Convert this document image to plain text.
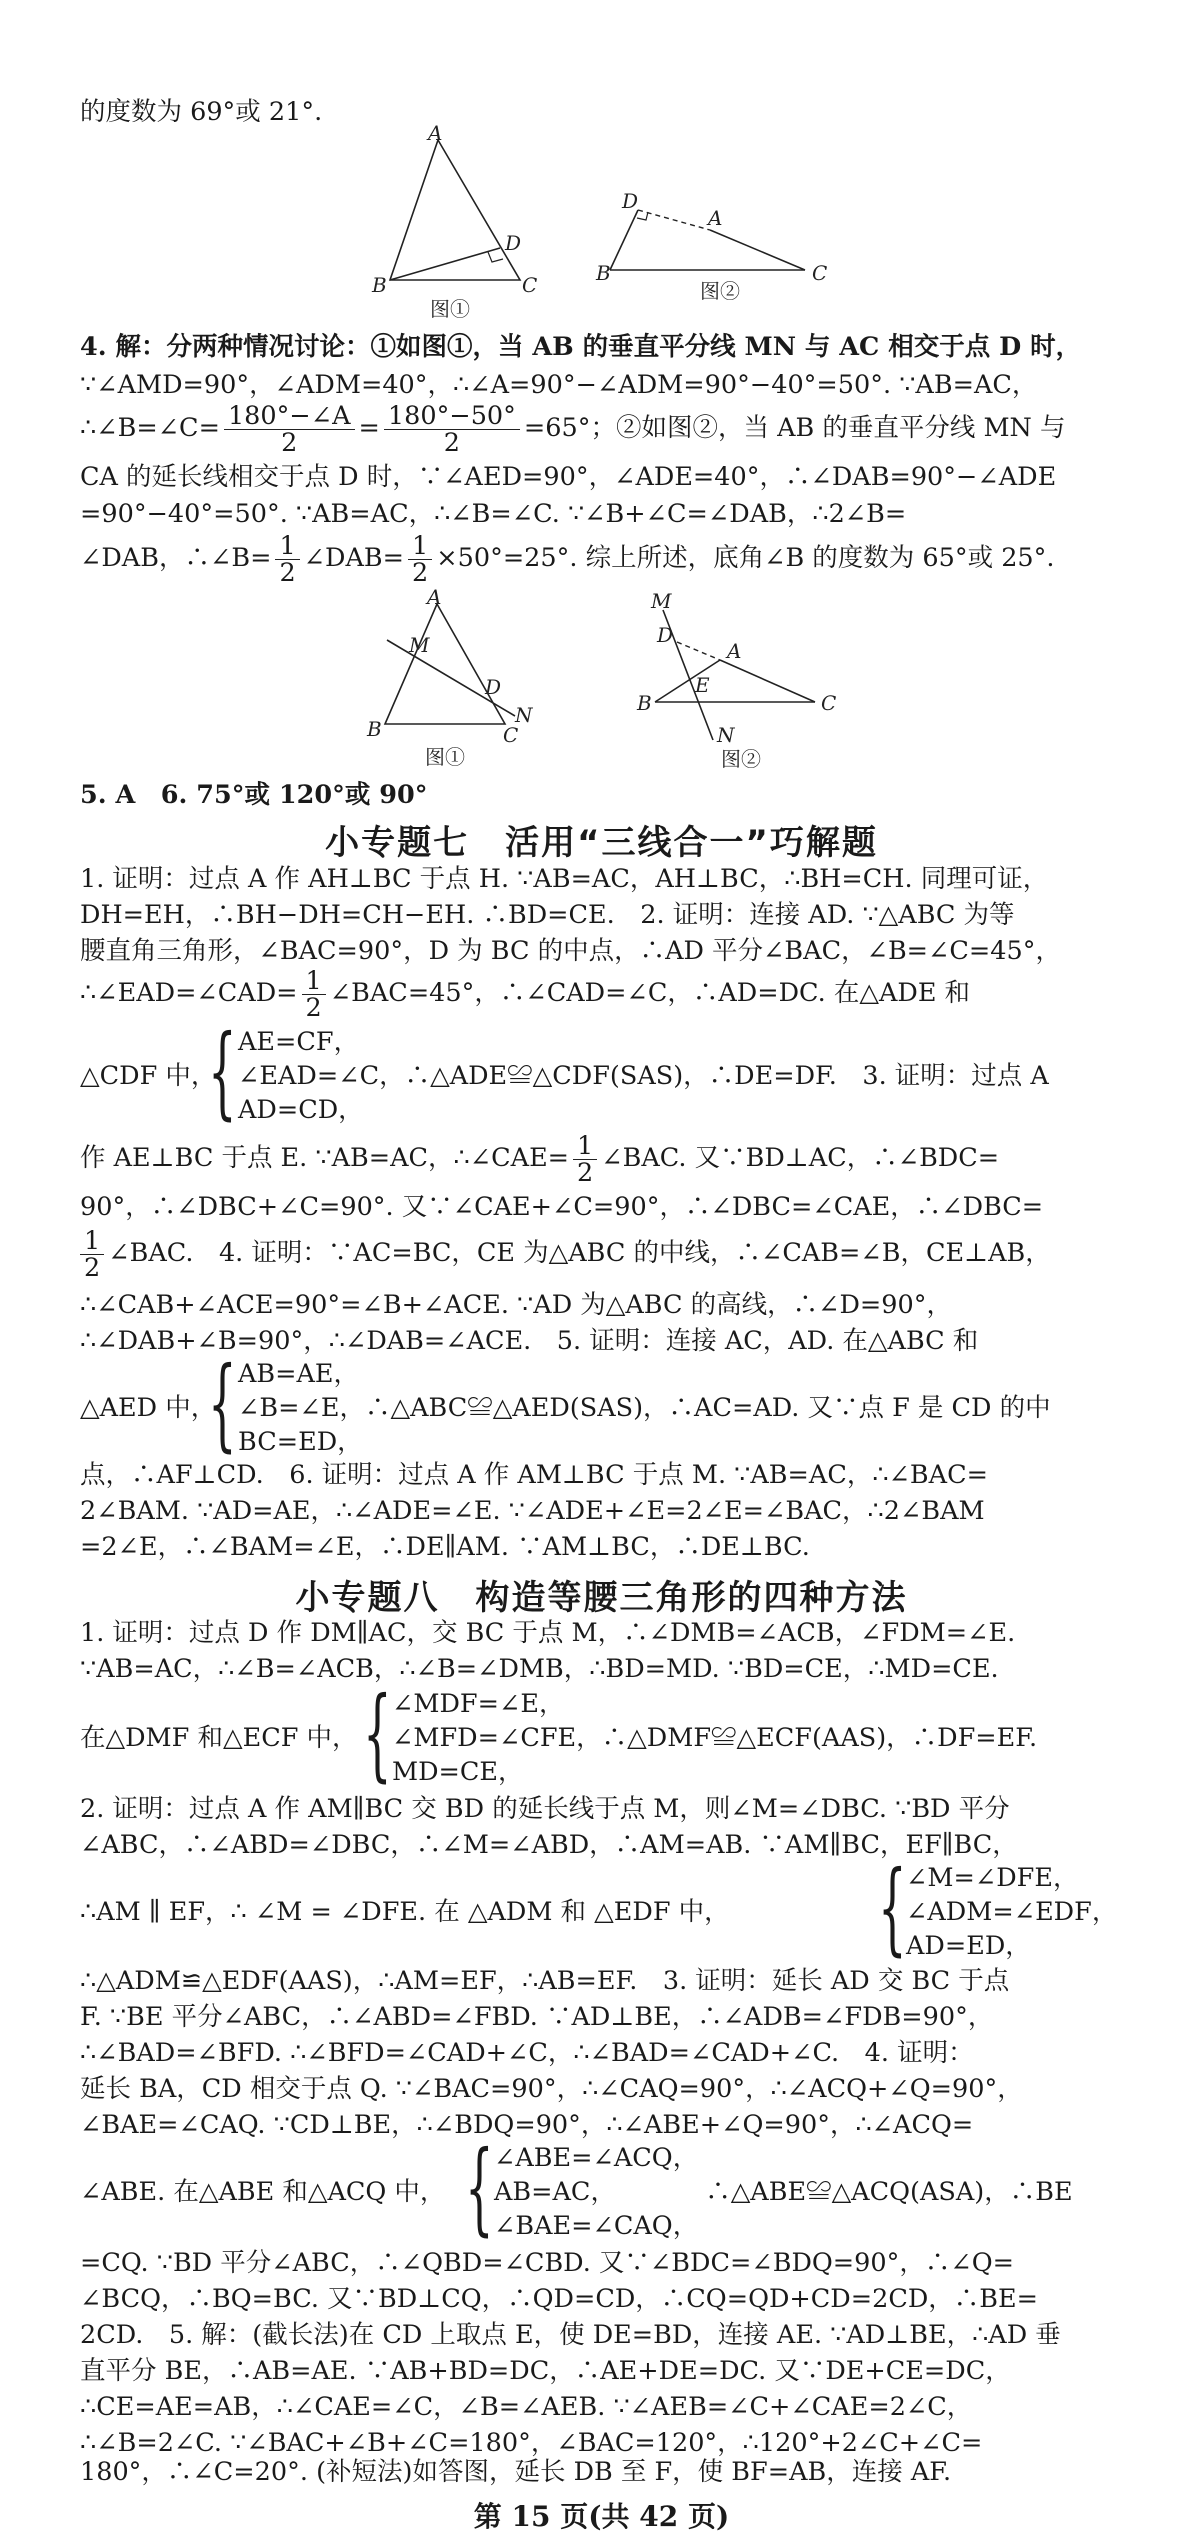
的度数为 69°或 21°.
A
B	C
D
图①
D
A
B	C
图②
4. 解：分两种情况讨论：①如图①，当 AB 的垂直平分线 MN 与 AC 相交于点 D 时，
∵∠AMD=90°，∠ADM=40°，∴∠A=90°−∠ADM=90°−40°=50°. ∵AB=AC，
∴∠B=∠C= $\frac{180^\circ-\angle A}{2} = \frac{180^\circ-50^\circ}{2} =65^\circ$；②如图②，当 AB 的垂直平分线 MN 与
CA 的延长线相交于点 D 时，∵∠AED=90°，∠ADE=40°，∴∠DAB=90°−∠ADE
=90°−40°=50°. ∵AB=AC，∴∠B=∠C. ∵∠B+∠C=∠DAB，∴2∠B=
∠DAB，∴∠B= $\frac{1}{2}$ ∠DAB= $\frac{1}{2} \times 50^\circ=25^\circ$. 综上所述，底角∠B 的度数为 65°或 25°.
A
M
D
N
B	C
图①
M
D
A
E
B	C
N
图②
5. A　6. 75°或 120°或 90°
小专题七　活用“三线合一”巧解题
1. 证明：过点 A 作 AH⊥BC 于点 H. ∵AB=AC，AH⊥BC，∴BH=CH. 同理可证，
DH=EH，∴BH−DH=CH−EH. ∴BD=CE.　2. 证明：连接 AD. ∵△ABC 为等
腰直角三角形，∠BAC=90°，D 为 BC 的中点，∴AD 平分∠BAC，∠B=∠C=45°，
∴∠EAD=∠CAD= $\frac{1}{2}$ ∠BAC=45°，∴∠CAD=∠C，∴AD=DC. 在△ADE 和
△CDF 中，
{ AE=CF，
∠EAD=∠C，∴△ADE≌△CDF(SAS)，∴DE=DF.　3. 证明：过点 A
AD=CD，
作 AE⊥BC 于点 E. ∵AB=AC，∴∠CAE= $\frac{1}{2}$ ∠BAC. 又∵BD⊥AC，∴∠BDC=
90°，∴∠DBC+∠C=90°. 又∵∠CAE+∠C=90°，∴∠DBC=∠CAE，∴∠DBC=
$\frac{1}{2}$ ∠BAC.　4. 证明：∵AC=BC，CE 为△ABC 的中线，∴∠CAB=∠B，CE⊥AB，
∴∠CAB+∠ACE=90°=∠B+∠ACE. ∵AD 为△ABC 的高线，∴∠D=90°，
∴∠DAB+∠B=90°，∴∠DAB=∠ACE.　5. 证明：连接 AC，AD. 在△ABC 和
△AED 中，
{ AB=AE，
∠B=∠E，∴△ABC≌△AED(SAS)，∴AC=AD. 又∵点 F 是 CD 的中
BC=ED，
点，∴AF⊥CD.　6. 证明：过点 A 作 AM⊥BC 于点 M. ∵AB=AC，∴∠BAC=
2∠BAM. ∵AD=AE，∴∠ADE=∠E. ∵∠ADE+∠E=2∠E=∠BAC，∴2∠BAM
=2∠E，∴∠BAM=∠E，∴DE∥AM. ∵AM⊥BC，∴DE⊥BC.
小专题八　构造等腰三角形的四种方法
1. 证明：过点 D 作 DM∥AC，交 BC 于点 M，∴∠DMB=∠ACB，∠FDM=∠E.
∵AB=AC，∴∠B=∠ACB，∴∠B=∠DMB，∴BD=MD. ∵BD=CE，∴MD=CE.
在△DMF 和△ECF 中， { ∠MDF=∠E，
∠MFD=∠CFE，∴△DMF≌△ECF(AAS)，∴DF=EF.
MD=CE，
2. 证明：过点 A 作 AM∥BC 交 BD 的延长线于点 M，则∠M=∠DBC. ∵BD 平分
∠ABC，∴∠ABD=∠DBC，∴∠M=∠ABD，∴AM=AB. ∵AM∥BC，EF∥BC，
∴AM ∥ EF，∴ ∠M = ∠DFE. 在 △ADM 和 △EDF 中， { ∠M=∠DFE，
∠ADM=∠EDF，
AD=ED，
∴△ADM≌△EDF(AAS)，∴AM=EF，∴AB=EF.　3. 证明：延长 AD 交 BC 于点
F. ∵BE 平分∠ABC，∴∠ABD=∠FBD. ∵AD⊥BE，∴∠ADB=∠FDB=90°，
∴∠BAD=∠BFD. ∴∠BFD=∠CAD+∠C，∴∠BAD=∠CAD+∠C.　4. 证明：
延长 BA，CD 相交于点 Q. ∵∠BAC=90°，∴∠CAQ=90°，∴∠ACQ+∠Q=90°，
∠BAE=∠CAQ. ∵CD⊥BE，∴∠BDQ=90°，∴∠ABE+∠Q=90°，∴∠ACQ=
∠ABE. 在△ABE 和△ACQ 中， { ∠ABE=∠ACQ，
AB=AC，　　　　∴△ABE≌△ACQ(ASA)，∴BE
∠BAE=∠CAQ，
=CQ. ∵BD 平分∠ABC，∴∠QBD=∠CBD. 又∵∠BDC=∠BDQ=90°，∴∠Q=
∠BCQ，∴BQ=BC. 又∵BD⊥CQ，∴QD=CD，∴CQ=QD+CD=2CD，∴BE=
2CD.　5. 解：(截长法)在 CD 上取点 E，使 DE=BD，连接 AE. ∵AD⊥BE，∴AD 垂
直平分 BE，∴AB=AE. ∵AB+BD=DC，∴AE+DE=DC. 又∵DE+CE=DC，
∴CE=AE=AB，∴∠CAE=∠C，∠B=∠AEB. ∵∠AEB=∠C+∠CAE=2∠C，
∴∠B=2∠C. ∵∠BAC+∠B+∠C=180°，∠BAC=120°，∴120°+2∠C+∠C=
180°，∴∠C=20°. (补短法)如答图，延长 DB 至 F，使 BF=AB，连接 AF.
第 15 页(共 42 页)
